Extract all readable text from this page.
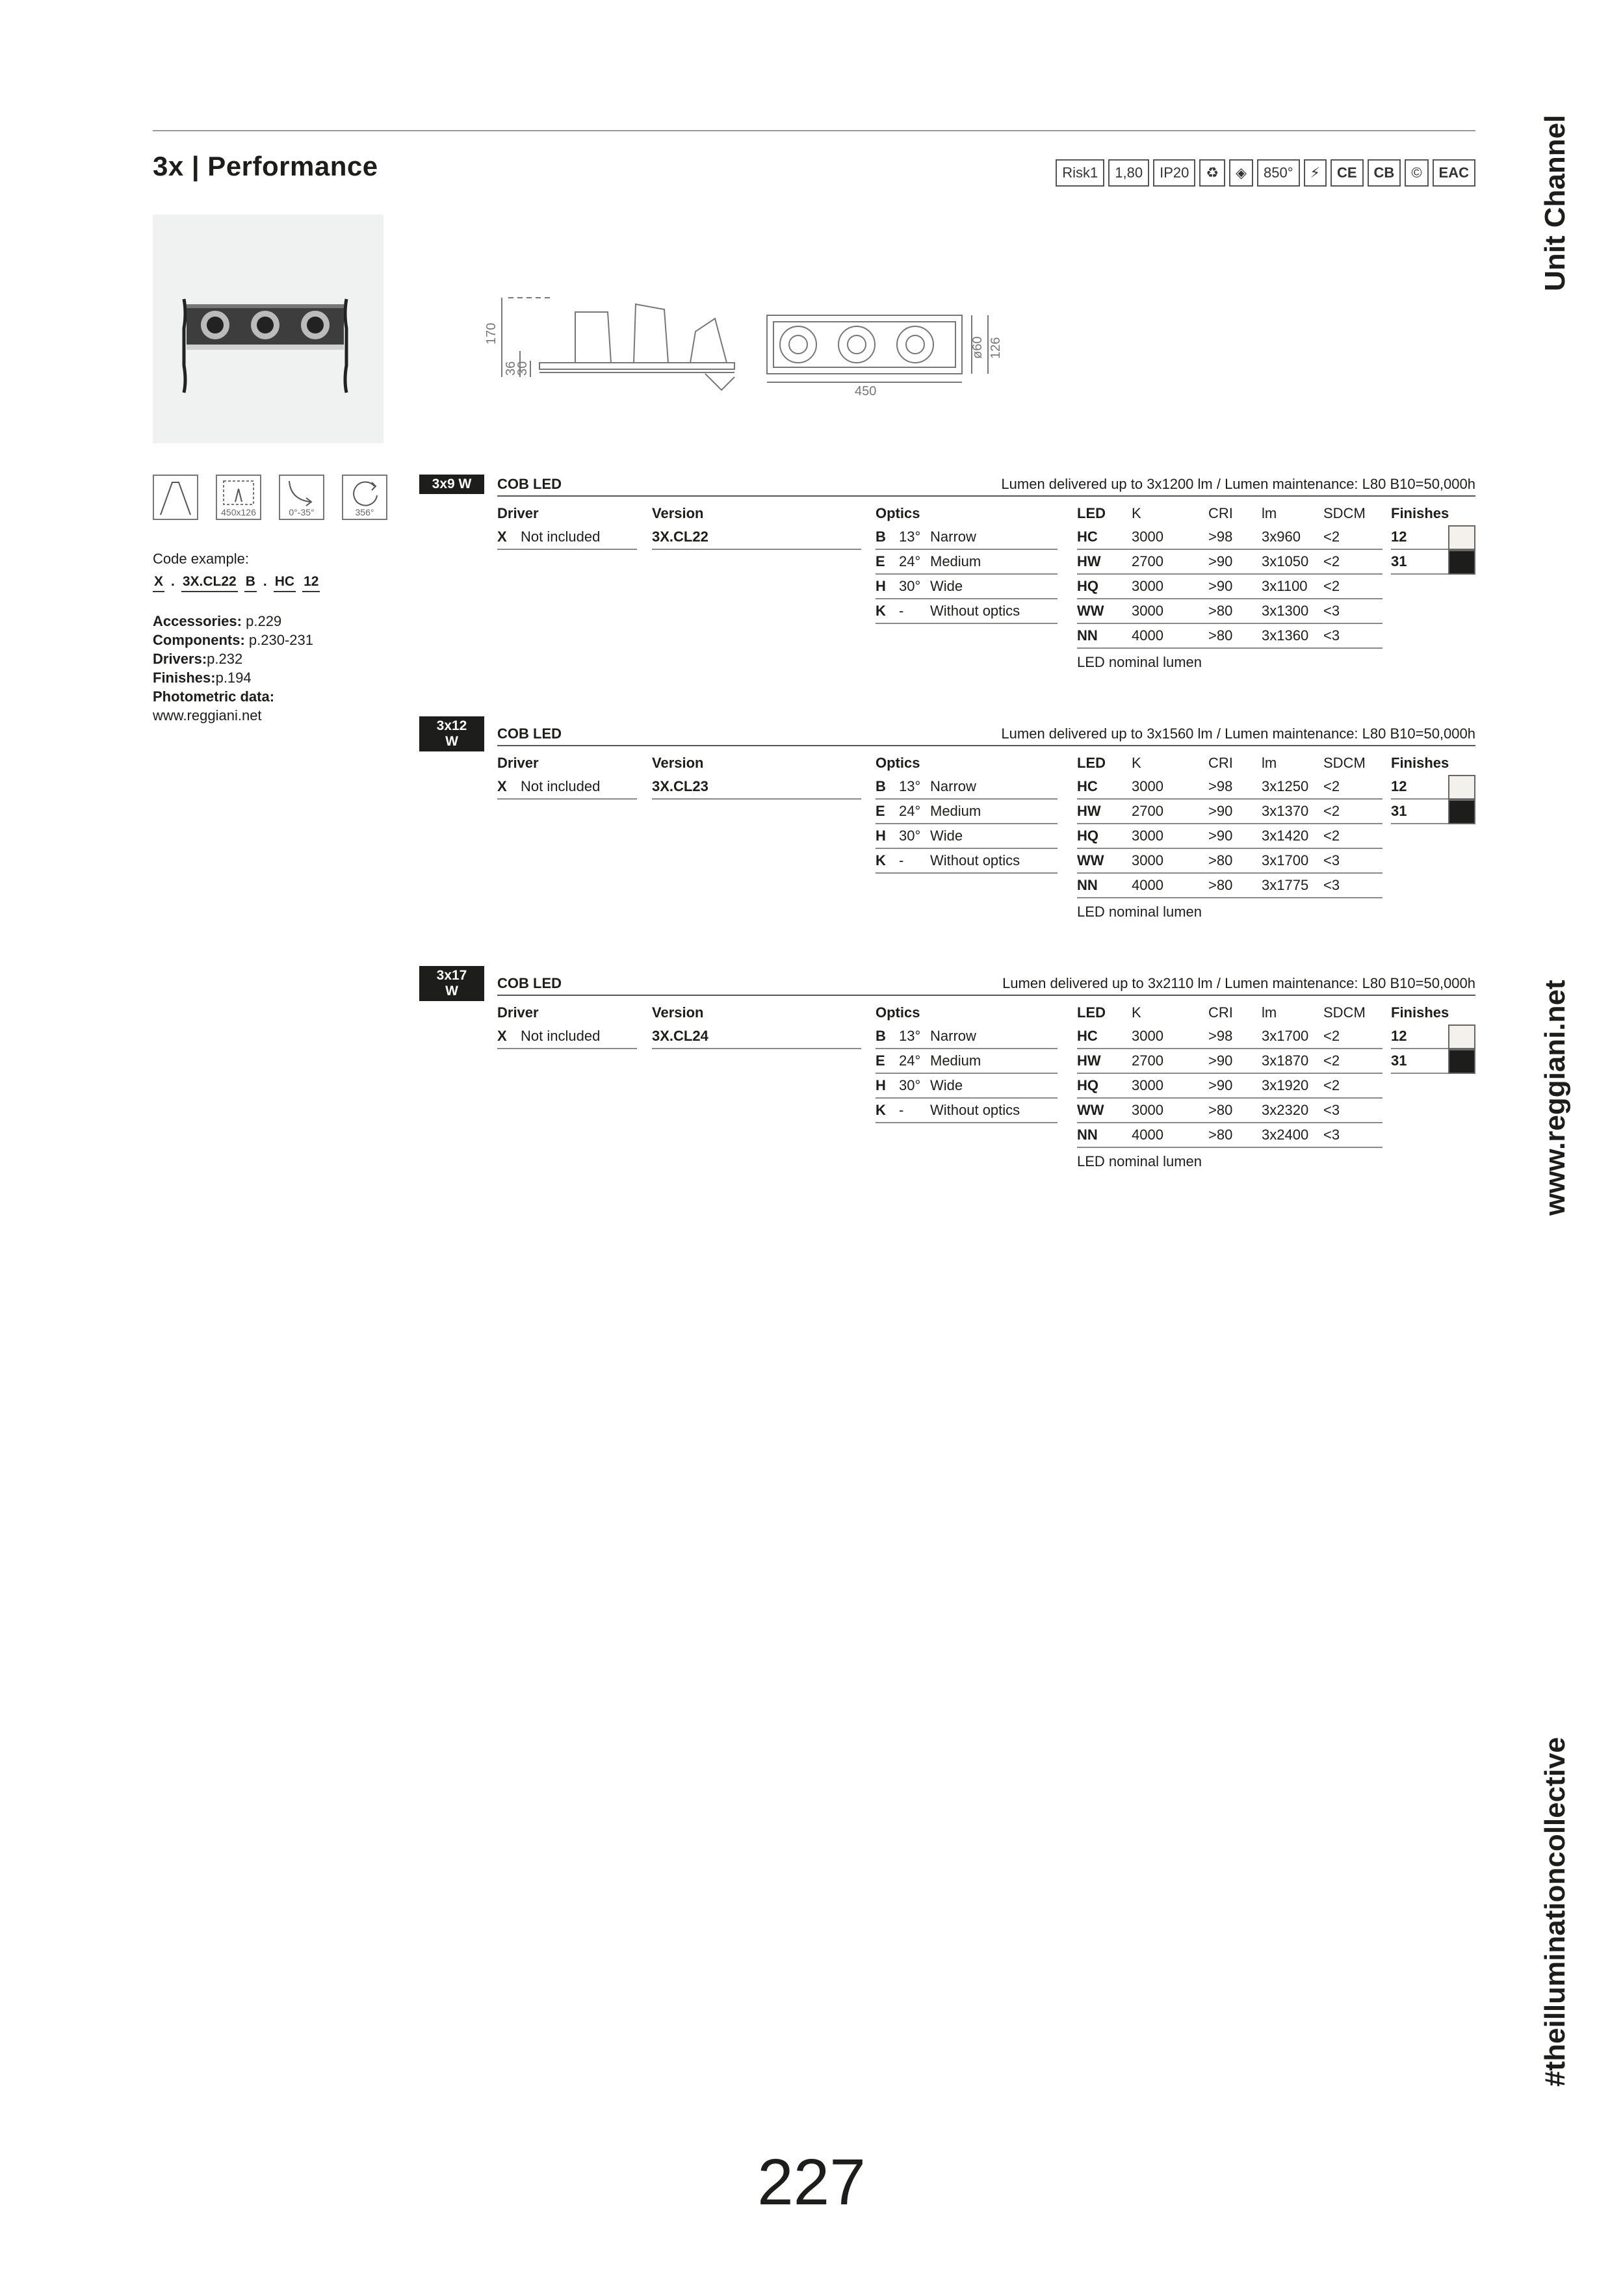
3x | Performance	Risk1	1,80	IP20	♻	◈	850°	⚡	CE	CB	©	EAC Unit Channel
www.reggiani.net
#theilluminationcollective
170
36
30
450
ø60 126
450x126	0°-35°	356°
Code example:
X . 3X.CL22 B . HC 12
Accessories: p.229
Components: p.230-231
Drivers:p.232
Finishes:p.194
Photometric data:
www.reggiani.net
3x9 W	COB LED	Lumen delivered up to 3x1200 lm / Lumen maintenance: L80 B10=50,000h
Driver
X Not included
Version
3X.CL22
Optics
B 13° Narrow
E 24° Medium
H 30° Wide
K - Without optics
LED K	CRI lm	SDCM
HC 3000	>98 3x960 <2
HW 2700	>90 3x1050 <2
HQ 3000	>90 3x1100 <2
WW 3000	>80 3x1300 <3
NN 4000	>80 3x1360 <3
LED nominal lumen
Finishes
12
31
3x12 W	COB LED	Lumen delivered up to 3x1560 lm / Lumen maintenance: L80 B10=50,000h
Driver
X Not included
Version
3X.CL23
Optics
B 13° Narrow
E 24° Medium
H 30° Wide
K - Without optics
LED K	CRI lm	SDCM
HC 3000	>98 3x1250 <2
HW 2700	>90 3x1370 <2
HQ 3000	>90 3x1420 <2
WW 3000	>80 3x1700 <3
NN 4000	>80 3x1775 <3
LED nominal lumen
Finishes
12
31
3x17 W	COB LED	Lumen delivered up to 3x2110 lm / Lumen maintenance: L80 B10=50,000h
Driver
X Not included
Version
3X.CL24
Optics
B 13° Narrow
E 24° Medium
H 30° Wide
K - Without optics
LED K	CRI lm	SDCM
HC 3000	>98 3x1700 <2
HW 2700	>90 3x1870 <2
HQ 3000	>90 3x1920 <2
WW 3000	>80 3x2320 <3
NN 4000	>80 3x2400 <3
LED nominal lumen
Finishes
12
31
227
